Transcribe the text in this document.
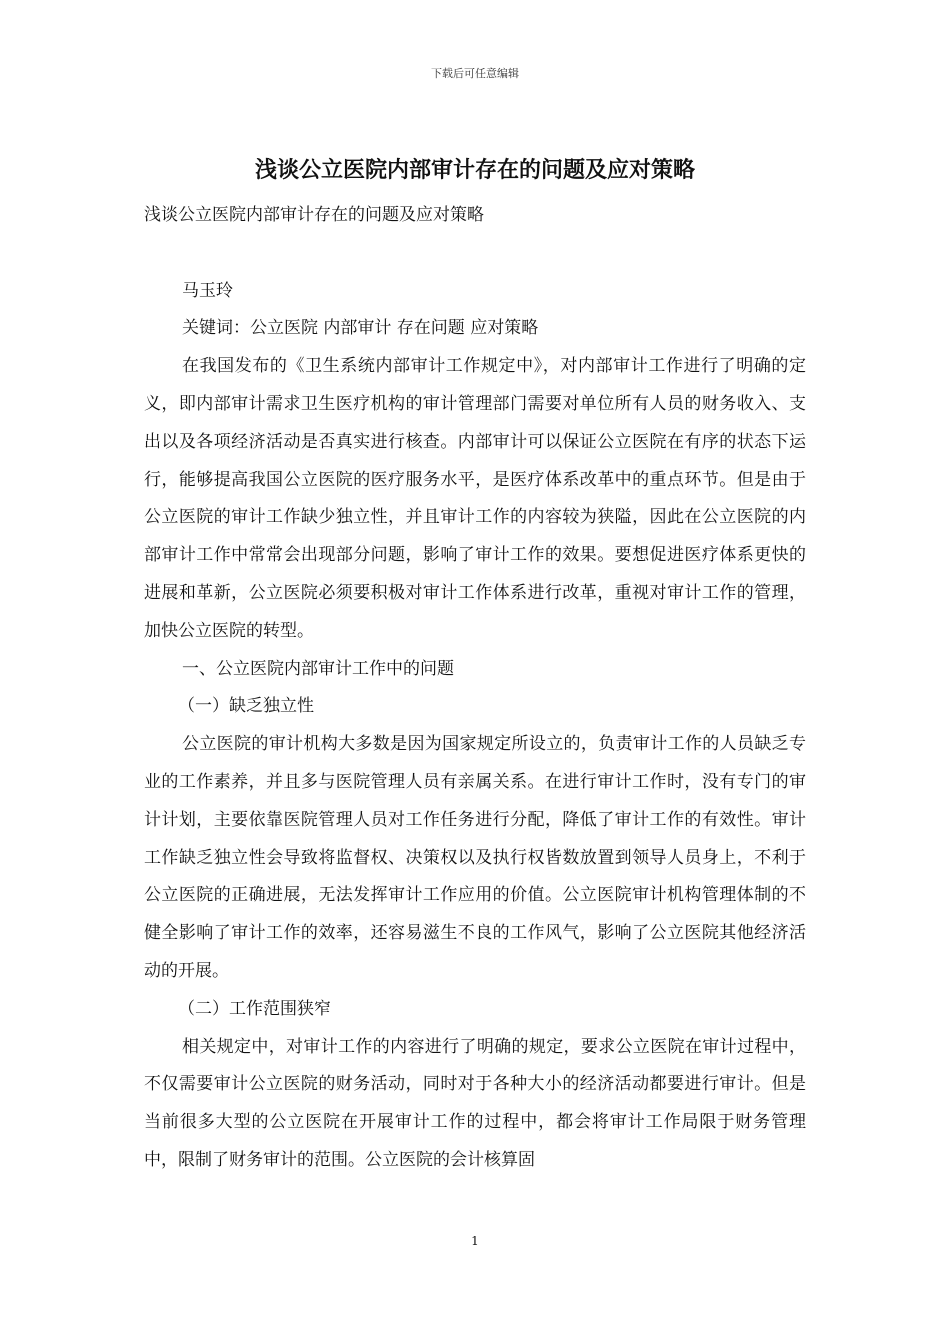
下载后可任意编辑
浅谈公立医院内部审计存在的问题及应对策略

浅谈公立医院内部审计存在的问题及应对策略

马玉玲

关键词：公立医院 内部审计 存在问题 应对策略

在我国发布的《卫生系统内部审计工作规定中》，对内部审计工作进行了明确的定义，即内部审计需求卫生医疗机构的审计管理部门需要对单位所有人员的财务收入、支出以及各项经济活动是否真实进行核查。内部审计可以保证公立医院在有序的状态下运行，能够提高我国公立医院的医疗服务水平，是医疗体系改革中的重点环节。但是由于公立医院的审计工作缺少独立性，并且审计工作的内容较为狭隘，因此在公立医院的内部审计工作中常常会出现部分问题，影响了审计工作的效果。要想促进医疗体系更快的进展和革新，公立医院必须要积极对审计工作体系进行改革，重视对审计工作的管理，加快公立医院的转型。

一、公立医院内部审计工作中的问题

（一）缺乏独立性

公立医院的审计机构大多数是因为国家规定所设立的，负责审计工作的人员缺乏专业的工作素养，并且多与医院管理人员有亲属关系。在进行审计工作时，没有专门的审计计划，主要依靠医院管理人员对工作任务进行分配，降低了审计工作的有效性。审计工作缺乏独立性会导致将监督权、决策权以及执行权皆数放置到领导人员身上，不利于公立医院的正确进展，无法发挥审计工作应用的价值。公立医院审计机构管理体制的不健全影响了审计工作的效率，还容易滋生不良的工作风气，影响了公立医院其他经济活动的开展。

（二）工作范围狭窄

相关规定中，对审计工作的内容进行了明确的规定，要求公立医院在审计过程中，不仅需要审计公立医院的财务活动，同时对于各种大小的经济活动都要进行审计。但是当前很多大型的公立医院在开展审计工作的过程中，都会将审计工作局限于财务管理中，限制了财务审计的范围。公立医院的会计核算固

1
